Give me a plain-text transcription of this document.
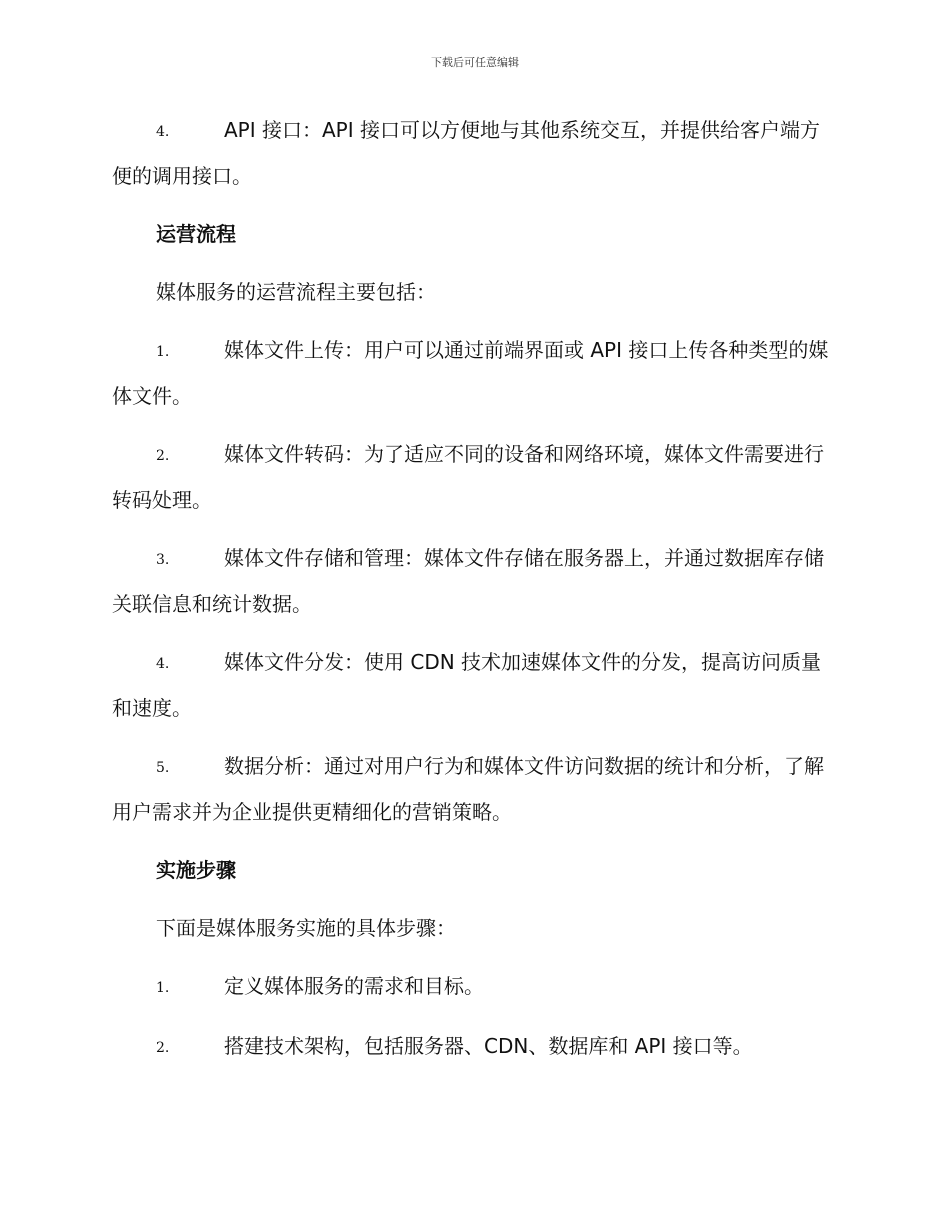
下载后可任意编辑

4.	API 接口：API 接口可以方便地与其他系统交互，并提供给客户端方便的调用接口。

运营流程

媒体服务的运营流程主要包括：

1.	媒体文件上传：用户可以通过前端界面或 API 接口上传各种类型的媒体文件。

2.	媒体文件转码：为了适应不同的设备和网络环境，媒体文件需要进行转码处理。

3.	媒体文件存储和管理：媒体文件存储在服务器上，并通过数据库存储关联信息和统计数据。

4.	媒体文件分发：使用 CDN 技术加速媒体文件的分发，提高访问质量和速度。

5.	数据分析：通过对用户行为和媒体文件访问数据的统计和分析，了解用户需求并为企业提供更精细化的营销策略。

实施步骤

下面是媒体服务实施的具体步骤：

1.	定义媒体服务的需求和目标。

2.	搭建技术架构，包括服务器、CDN、数据库和 API 接口等。
